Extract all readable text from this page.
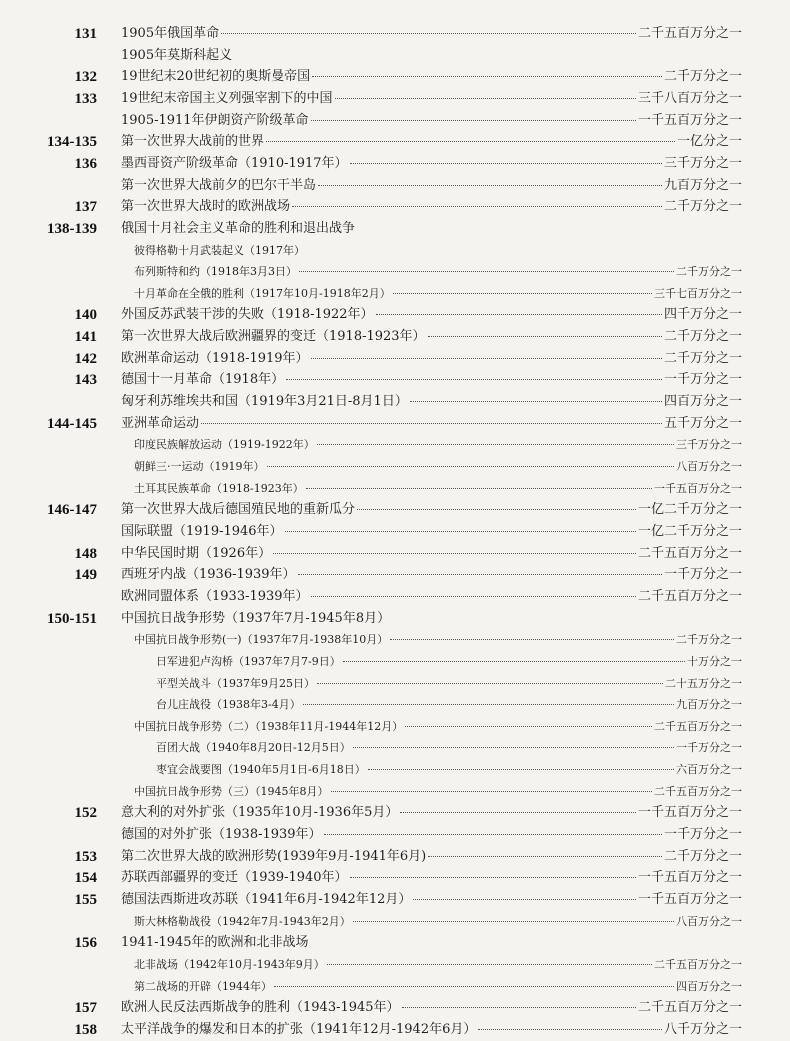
131 1905年俄国革命	二千五百万分之一
1905年莫斯科起义
132 19世纪末20世纪初的奥斯曼帝国	二千万分之一
133 19世纪末帝国主义列强宰割下的中国	三千八百万分之一
1905-1911年伊朗资产阶级革命	一千五百万分之一
134-135 第一次世界大战前的世界	一亿分之一
136 墨西哥资产阶级革命（1910-1917年）	三千万分之一
第一次世界大战前夕的巴尔干半岛	九百万分之一
137 第一次世界大战时的欧洲战场	二千万分之一
138-139 俄国十月社会主义革命的胜利和退出战争
彼得格勒十月武装起义（1917年）
布列斯特和约（1918年3月3日）	二千万分之一
十月革命在全俄的胜利（1917年10月-1918年2月）	三千七百万分之一
140 外国反苏武装干涉的失败（1918-1922年）	四千万分之一
141 第一次世界大战后欧洲疆界的变迁（1918-1923年）	二千万分之一
142 欧洲革命运动（1918-1919年）	二千万分之一
143 德国十一月革命（1918年）	一千万分之一
匈牙利苏维埃共和国（1919年3月21日-8月1日）	四百万分之一
144-145 亚洲革命运动	五千万分之一
印度民族解放运动（1919-1922年）	三千万分之一
朝鲜三·一运动（1919年）	八百万分之一
土耳其民族革命（1918-1923年）	一千五百万分之一
146-147 第一次世界大战后德国殖民地的重新瓜分	一亿二千万分之一
国际联盟（1919-1946年）	一亿二千万分之一
148 中华民国时期（1926年）	二千五百万分之一
149 西班牙内战（1936-1939年）	一千万分之一
欧洲同盟体系（1933-1939年）	二千五百万分之一
150-151 中国抗日战争形势（1937年7月-1945年8月）
中国抗日战争形势(一)（1937年7月-1938年10月）	二千万分之一
日军进犯卢沟桥（1937年7月7-9日）	十万分之一
平型关战斗（1937年9月25日）	二十五万分之一
台儿庄战役（1938年3-4月）	九百万分之一
中国抗日战争形势（二）（1938年11月-1944年12月）	二千五百万分之一
百团大战（1940年8月20日-12月5日）	一千万分之一
枣宜会战要图（1940年5月1日-6月18日）	六百万分之一
中国抗日战争形势（三）（1945年8月）	二千五百万分之一
152 意大利的对外扩张（1935年10月-1936年5月）	一千五百万分之一
德国的对外扩张（1938-1939年）	一千万分之一
153 第二次世界大战的欧洲形势(1939年9月-1941年6月)	二千万分之一
154 苏联西部疆界的变迁（1939-1940年）	一千五百万分之一
155 德国法西斯进攻苏联（1941年6月-1942年12月）	一千五百万分之一
斯大林格勒战役（1942年7月-1943年2月）	八百万分之一
156 1941-1945年的欧洲和北非战场
北非战场（1942年10月-1943年9月）	二千五百万分之一
第二战场的开辟（1944年）	四百万分之一
157 欧洲人民反法西斯战争的胜利（1943-1945年）	二千五百万分之一
158 太平洋战争的爆发和日本的扩张（1941年12月-1942年6月）	八千万分之一
